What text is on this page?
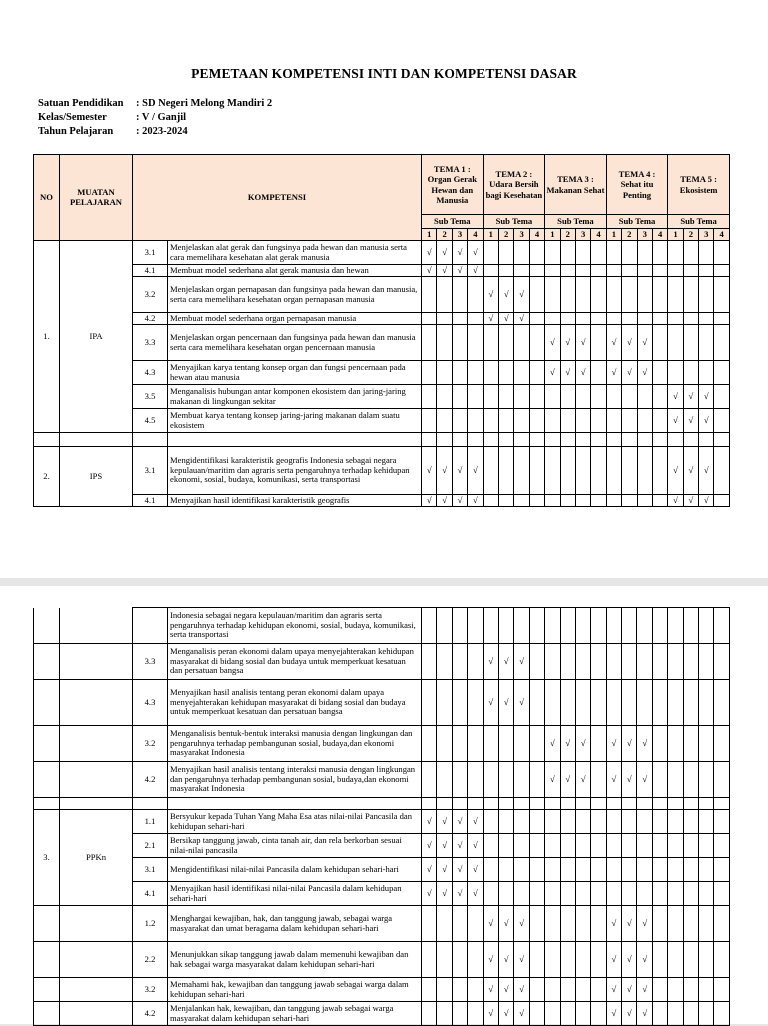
PEMETAAN KOMPETENSI INTI DAN KOMPETENSI DASAR
Satuan Pendidikan : SD Negeri Melong Mandiri 2
Kelas/Semester	: V / Ganjil
Tahun Pelajaran : 2023-2024
NO	MUATAN PELAJARAN	KOMPETENSI		TEMA 1 : Organ Gerak Hewan dan Manusia				TEMA 2 : Udara Bersih bagi Kesehatan				TEMA 3 : Makanan Sehat				TEMA 4 : Sehat itu Penting				TEMA 5 : Ekosistem			
				Sub Tema				Sub Tema				Sub Tema				Sub Tema				Sub Tema			
				1	2	3	4	1	2	3	4	1	2	3	4	1	2	3	4	1	2	3	4
1.	IPA	3.1	Menjelaskan alat gerak dan fungsinya pada hewan dan manusia serta cara memelihara kesehatan alat gerak manusia	√	√	√	√																
		4.1	Membuat model sederhana alat gerak manusia dan hewan	√	√	√	√																
		3.2	Menjelaskan organ pernapasan dan fungsinya pada hewan dan manusia, serta cara memelihara kesehatan organ pernapasan manusia					√	√	√													
		4.2	Membuat model sederhana organ pernapasan manusia					√	√	√													
		3.3	Menjelaskan organ pencernaan dan fungsinya pada hewan dan manusia serta cara memelihara kesehatan organ pencernaan manusia									√	√	√		√	√	√					
		4.3	Menyajikan karya tentang konsep organ dan fungsi pencernaan pada hewan atau manusia									√	√	√		√	√	√					
		3.5	Menganalisis hubungan antar komponen ekosistem dan jaring-jaring makanan di lingkungan sekitar																	√	√	√	
		4.5	Membuat karya tentang konsep jaring-jaring makanan dalam suatu ekosistem																	√	√	√	

2.	IPS	3.1	Mengidentifikasi karakteristik geografis Indonesia sebagai negara kepulauan/maritim dan agraris serta pengaruhnya terhadap kehidupan ekonomi, sosial, budaya, komunikasi, serta transportasi	√	√	√	√													√	√	√	
		4.1	Menyajikan hasil identifikasi karakteristik geografis	√	√	√	√													√	√	√	
			Indonesia sebagai negara kepulauan/maritim dan agraris serta pengaruhnya terhadap kehidupan ekonomi, sosial, budaya, komunikasi, serta transportasi																				
		3.3	Menganalisis peran ekonomi dalam upaya menyejahterakan kehidupan masyarakat di bidang sosial dan budaya untuk memperkuat kesatuan dan persatuan bangsa					√	√	√													
		4.3	Menyajikan hasil analisis tentang peran ekonomi dalam upaya menyejahterakan kehidupan masyarakat di bidang sosial dan budaya untuk memperkuat kesatuan dan persatuan bangsa					√	√	√													
		3.2	Menganalisis bentuk-bentuk interaksi manusia dengan lingkungan dan pengaruhnya terhadap pembangunan sosial, budaya,dan ekonomi masyarakat Indonesia									√	√	√		√	√	√					
		4.2	Menyajikan hasil analisis tentang interaksi manusia dengan lingkungan dan pengaruhnya terhadap pembangunan sosial, budaya,dan ekonomi masyarakat Indonesia									√	√	√		√	√	√					

3.	PPKn	1.1	Bersyukur kepada Tuhan Yang Maha Esa atas nilai-nilai Pancasila dan kehidupan sehari-hari	√	√	√	√																
		2.1	Bersikap tanggung jawab, cinta tanah air, dan rela berkorban sesuai nilai-nilai pancasila	√	√	√	√																
		3.1	Mengidentifikasi nilai-nilai Pancasila dalam kehidupan sehari-hari	√	√	√	√																
		4.1	Menyajikan hasil identifikasi nilai-nilai Pancasila dalam kehidupan sehari-hari	√	√	√	√																
		1.2	Menghargai kewajiban, hak, dan tanggung jawab, sebagai warga masyarakat dan umat beragama dalam kehidupan sehari-hari					√	√	√						√	√	√					
		2.2	Menunjukkan sikap tanggung jawab dalam memenuhi kewajiban dan hak sebagai warga masyarakat dalam kehidupan sehari-hari					√	√	√						√	√	√					
		3.2	Memahami hak, kewajiban dan tanggung jawab sebagai warga dalam kehidupan sehari-hari					√	√	√						√	√	√					
		4.2	Menjalankan hak, kewajiban, dan tanggung jawab sebagai warga masyarakat dalam kehidupan sehari-hari					√	√	√						√	√	√					
